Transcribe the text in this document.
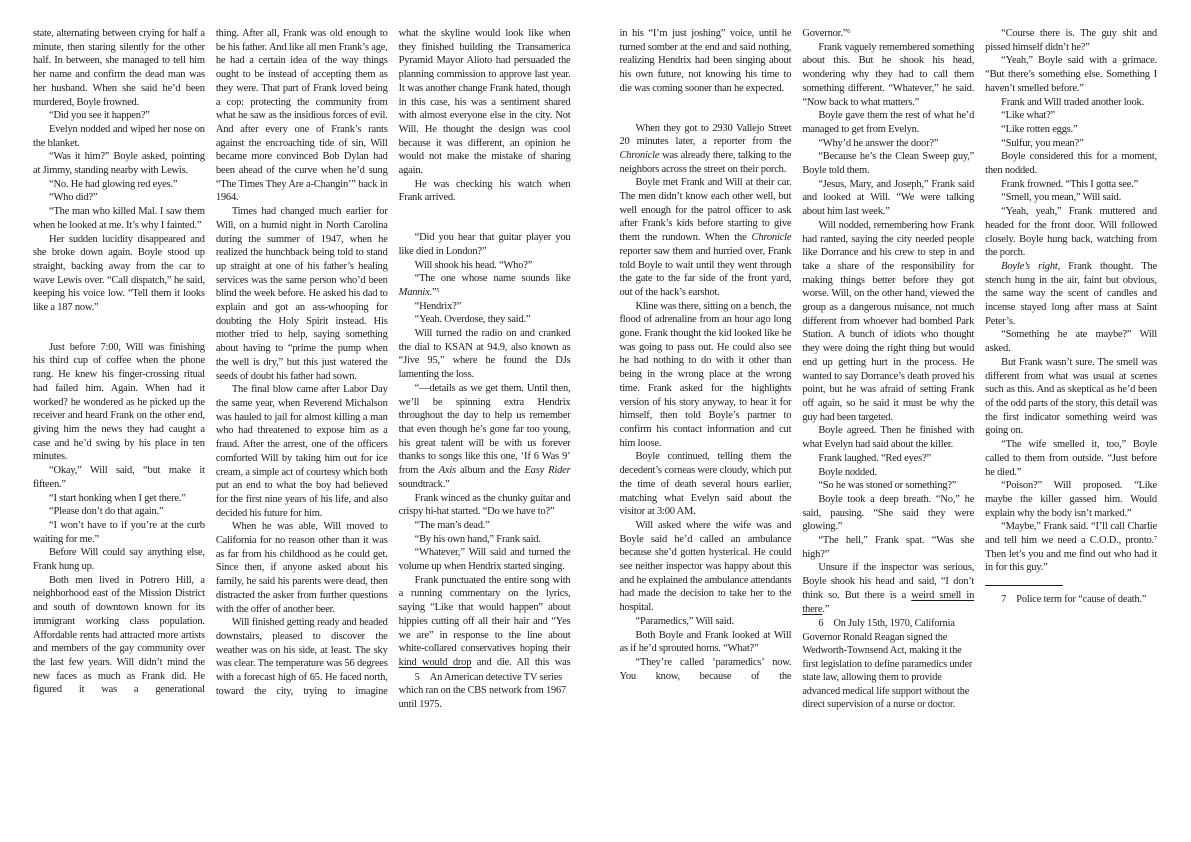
state, alternating between crying for half a minute, then staring silently for the other half. In between, she managed to tell him her name and confirm the dead man was her husband. When she said he’d been murdered, Boyle frowned.

“Did you see it happen?”

Evelyn nodded and wiped her nose on the blanket.

“Was it him?” Boyle asked, pointing at Jimmy, standing nearby with Lewis.

“No. He had glowing red eyes.”

“Who did?”

“The man who killed Mal. I saw them when he looked at me. It’s why I fainted.”

Her sudden lucidity disappeared and she broke down again. Boyle stood up straight, backing away from the car to wave Lewis over. “Call dispatch,” he said, keeping his voice low. “Tell them it looks like a 187 now.”

Just before 7:00, Will was finishing his third cup of coffee when the phone rang. He knew his finger-crossing ritual had failed him. Again. When had it worked? he wondered as he picked up the receiver and heard Frank on the other end, giving him the news they had caught a case and he’d swing by his place in ten minutes.

“Okay,” Will said, “but make it fifteen.”

“I start honking when I get there.”

“Please don’t do that again.”

“I won’t have to if you’re at the curb waiting for me.”

Before Will could say anything else, Frank hung up.

Both men lived in Potrero Hill, a neighborhood east of the Mission District and south of downtown known for its immigrant working class population. Affordable rents had attracted more artists and members of the gay community over the last few years. Will didn’t mind the new faces as much as Frank did. He figured it was a generational

thing. After all, Frank was old enough to be his father. And like all men Frank’s age, he had a certain idea of the way things ought to be instead of accepting them as they were. That part of Frank loved being a cop: protecting the community from what he saw as the insidious forces of evil. And after every one of Frank’s rants against the encroaching tide of sin, Will became more convinced Bob Dylan had been ahead of the curve when he’d sung “The Times They Are a-Changin’” back in 1964.

Times had changed much earlier for Will, on a humid night in North Carolina during the summer of 1947, when he realized the hunchback being told to stand up straight at one of his father’s healing services was the same person who’d been blind the week before. He asked his dad to explain and got an ass-whooping for doubting the Holy Spirit instead. His mother tried to help, saying something about having to “prime the pump when the well is dry,” but this just watered the seeds of doubt his father had sown.

The final blow came after Labor Day the same year, when Reverend Michalson was hauled to jail for almost killing a man who had threatened to expose him as a fraud. After the arrest, one of the officers comforted Will by taking him out for ice cream, a simple act of courtesy which both put an end to what the boy had believed for the first nine years of his life, and also decided his future for him.

When he was able, Will moved to California for no reason other than it was as far from his childhood as he could get. Since then, if anyone asked about his family, he said his parents were dead, then distracted the asker from further questions with the offer of another beer.

Will finished getting ready and headed downstairs, pleased to discover the weather was on his side, at least. The sky was clear. The temperature was 56 degrees with a forecast high of 65. He faced north, toward the city, trying to imagine

what the skyline would look like when they finished building the Transamerica Pyramid Mayor Alioto had persuaded the planning commission to approve last year. It was another change Frank hated, though in this case, his was a sentiment shared with almost everyone else in the city. Not Will. He thought the design was cool because it was different, an opinion he would not make the mistake of sharing again.

He was checking his watch when Frank arrived.

“Did you hear that guitar player you like died in London?”

Will shook his head. “Who?”

“The one whose name sounds like Mannix.”$^5$

“Hendrix?”

“Yeah. Overdose, they said.”

Will turned the radio on and cranked the dial to KSAN at 94.9, also known as “Jive 95,” where he found the DJs lamenting the loss.

“—details as we get them. Until then, we’ll be spinning extra Hendrix throughout the day to help us remember that even though he’s gone far too young, his great talent will be with us forever thanks to songs like this one, ‘If 6 Was 9’ from the Axis album and the Easy Rider soundtrack.”

Frank winced as the chunky guitar and crispy hi-hat started. “Do we have to?”

“The man’s dead.”

“By his own hand,” Frank said.

“Whatever,” Will said and turned the volume up when Hendrix started singing.

Frank punctuated the entire song with a running commentary on the lyrics, saying “Like that would happen” about hippies cutting off all their hair and “Yes we are” in response to the line about white-collared conservatives hoping their kind would drop and die. All this was

5 An American detective TV series which ran on the CBS network from 1967 until 1975.

in his “I’m just joshing” voice, until he turned somber at the end and said nothing, realizing Hendrix had been singing about his own future, not knowing his time to die was coming sooner than he expected.

When they got to 2930 Vallejo Street 20 minutes later, a reporter from the Chronicle was already there, talking to the neighbors across the street on their porch.

Boyle met Frank and Will at their car. The men didn’t know each other well, but well enough for the patrol officer to ask after Frank’s kids before starting to give them the rundown. When the Chronicle reporter saw them and hurried over, Frank told Boyle to wait until they went through the gate to the far side of the front yard, out of the hack’s earshot.

Kline was there, sitting on a bench, the flood of adrenaline from an hour ago long gone. Frank thought the kid looked like he was going to pass out. He could also see he had nothing to do with it other than being in the wrong place at the wrong time. Frank asked for the highlights version of his story anyway, to hear it for himself, then told Boyle’s partner to confirm his contact information and cut him loose.

Boyle continued, telling them the decedent’s corneas were cloudy, which put the time of death several hours earlier, matching what Evelyn said about the visitor at 3:00 AM.

Will asked where the wife was and Boyle said he’d called an ambulance because she’d gotten hysterical. He could see neither inspector was happy about this and he explained the ambulance attendants had made the decision to take her to the hospital.

“Paramedics,” Will said.

Both Boyle and Frank looked at Will as if he’d sprouted horns. “What?”

“They’re called ‘paramedics’ now. You know, because of the

Governor.”$^6$

Frank vaguely remembered something about this. But he shook his head, wondering why they had to call them something different. “Whatever,” he said. “Now back to what matters.”

Boyle gave them the rest of what he’d managed to get from Evelyn.

“Why’d he answer the door?”

“Because he’s the Clean Sweep guy,” Boyle told them.

“Jesus, Mary, and Joseph,” Frank said and looked at Will. “We were talking about him last week.”

Will nodded, remembering how Frank had ranted, saying the city needed people like Dorrance and his crew to step in and take a share of the responsibility for making things better before they got worse. Will, on the other hand, viewed the group as a dangerous nuisance, not much different from whoever had bombed Park Station. A bunch of idiots who thought they were doing the right thing but would end up getting hurt in the process. He wanted to say Dorrance’s death proved his point, but he was afraid of setting Frank off again, so he said it must be why the guy had been targeted.

Boyle agreed. Then he finished with what Evelyn had said about the killer.

Frank laughed. “Red eyes?”

Boyle nodded.

“So he was stoned or something?”

Boyle took a deep breath. “No,” he said, pausing. “She said they were glowing.”

“The hell,” Frank spat. “Was she high?”

Unsure if the inspector was serious, Boyle shook his head and said, “I don’t think so. But there is a weird smell in there.”

6 On July 15th, 1970, California Governor Ronald Reagan signed the Wedworth-Townsend Act, making it the first legislation to define paramedics under state law, allowing them to provide advanced medical life support without the direct supervision of a nurse or doctor.

“Course there is. The guy shit and pissed himself didn’t he?”

“Yeah,” Boyle said with a grimace. “But there’s something else. Something I haven’t smelled before.”

Frank and Will traded another look.

“Like what?”

“Like rotten eggs.”

“Sulfur, you mean?”

Boyle considered this for a moment, then nodded.

Frank frowned. “This I gotta see.”

“Smell, you mean,” Will said.

“Yeah, yeah,” Frank muttered and headed for the front door. Will followed closely. Boyle hung back, watching from the porch.

Boyle’s right, Frank thought. The stench hung in the air, faint but obvious, the same way the scent of candles and incense stayed long after mass at Saint Peter’s.

“Something he ate maybe?” Will asked.

But Frank wasn’t sure. The smell was different from what was usual at scenes such as this. And as skeptical as he’d been of the odd parts of the story, this detail was the first indicator something weird was going on.

“The wife smelled it, too,” Boyle called to them from outside. “Just before he died.”

“Poison?” Will proposed. “Like maybe the killer gassed him. Would explain why the body isn’t marked.”

“Maybe,” Frank said. “I’ll call Charlie and tell him we need a C.O.D., pronto.$^7$ Then let’s you and me find out who had it in for this guy.”

7 Police term for “cause of death.”
